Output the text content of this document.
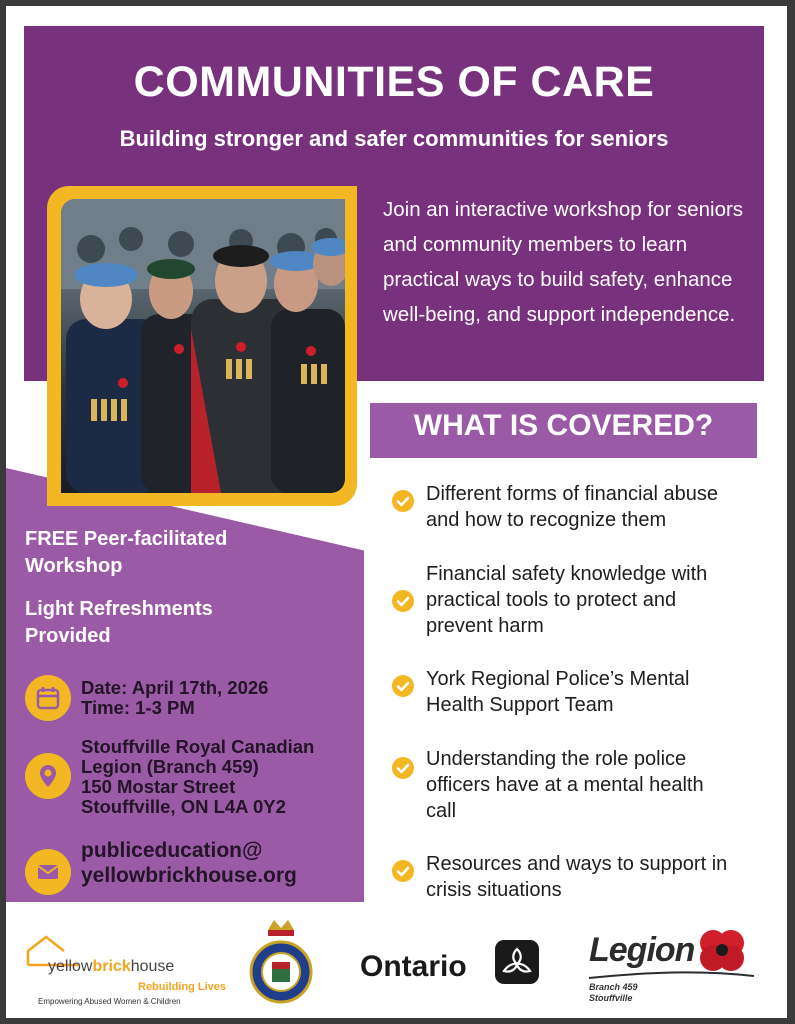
COMMUNITIES OF CARE
Building stronger and safer communities for seniors
Join an interactive workshop for seniors and community members to learn practical ways to build safety, enhance well-being, and support independence.
FREE Peer-facilitated
Workshop
Light Refreshments
Provided
Date: April 17th, 2026
Time: 1-3 PM
Stouffville Royal Canadian
Legion (Branch 459)
150 Mostar Street
Stouffville, ON L4A 0Y2
publiceducation@
yellowbrickhouse.org
WHAT IS COVERED?
Different forms of financial abuse
and how to recognize them
Financial safety knowledge with
practical tools to protect and
prevent harm
York Regional Police’s Mental
Health Support Team
Understanding the role police
officers have at a mental health
call
Resources and ways to support in
crisis situations
yellowbrickhouse
Rebuilding Lives
Empowering Abused Women & Children
Ontario	Legion
Branch 459
Stouffville
